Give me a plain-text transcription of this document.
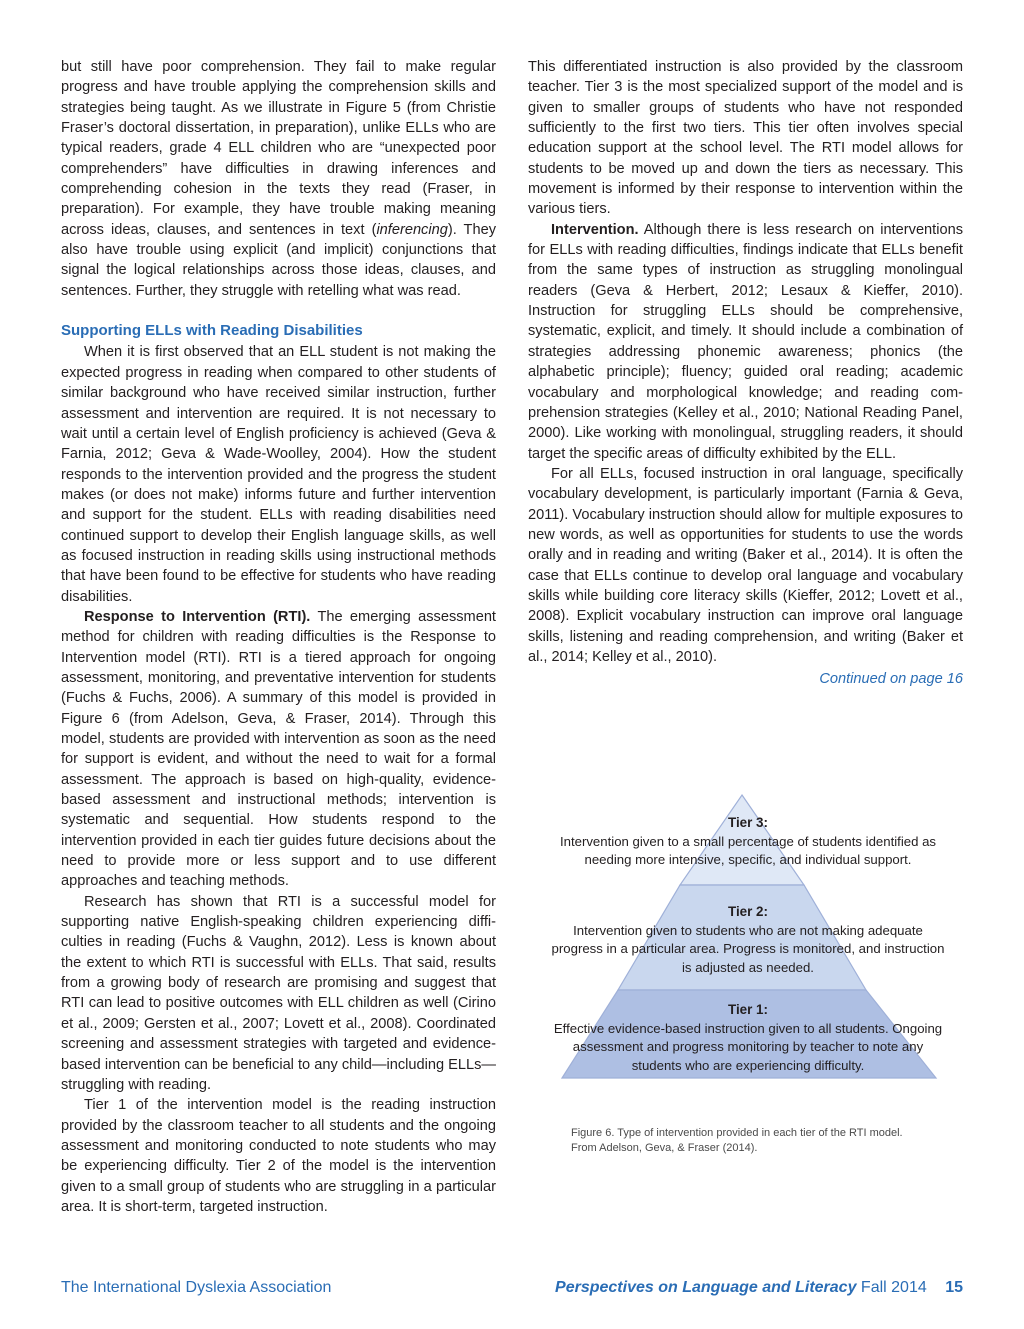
but still have poor comprehension. They fail to make regular progress and have trouble applying the comprehension skills and strategies being taught. As we illustrate in Figure 5 (from Christie Fraser’s doctoral dissertation, in preparation), unlike ELLs who are typical readers, grade 4 ELL children who are “unexpected poor comprehenders” have difficulties in drawing inferences and comprehending cohesion in the texts they read (Fraser, in preparation). For example, they have trouble making meaning across ideas, clauses, and sentences in text (inferencing). They also have trouble using explicit (and implicit) conjunctions that signal the logical relationships across those ideas, clauses, and sentences. Further, they struggle with retelling what was read.

Supporting ELLs with Reading Disabilities

When it is first observed that an ELL student is not making the expected progress in reading when compared to other students of similar background who have received similar instruction, further assessment and intervention are required. It is not necessary to wait until a certain level of English proficiency is achieved (Geva & Farnia, 2012; Geva & Wade-Woolley, 2004). How the student responds to the intervention provided and the progress the student makes (or does not make) informs future and further intervention and support for the student. ELLs with reading disabilities need continued support to develop their English language skills, as well as focused instruction in reading skills using instructional methods that have been found to be effective for students who have reading disabilities.

Response to Intervention (RTI). The emerging assessment method for children with reading difficulties is the Response to Intervention model (RTI). RTI is a tiered approach for ongoing assessment, monitoring, and preventative intervention for students (Fuchs & Fuchs, 2006). A summary of this model is provided in Figure 6 (from Adelson, Geva, & Fraser, 2014). Through this model, students are provided with intervention as soon as the need for support is evident, and without the need to wait for a formal assessment. The approach is based on high-quality, evidence-based assessment and instructional methods; intervention is systematic and sequential. How students respond to the intervention provided in each tier guides future decisions about the need to provide more or less support and to use different approaches and teaching methods.

Research has shown that RTI is a successful model for supporting native English-speaking children experiencing difficulties in reading (Fuchs & Vaughn, 2012). Less is known about the extent to which RTI is successful with ELLs. That said, results from a growing body of research are promising and suggest that RTI can lead to positive outcomes with ELL children as well (Cirino et al., 2009; Gersten et al., 2007; Lovett et al., 2008). Coordinated screening and assessment strategies with targeted and evidence-based intervention can be beneficial to any child—including ELLs—struggling with reading.

Tier 1 of the intervention model is the reading instruction provided by the classroom teacher to all students and the ongoing assessment and monitoring conducted to note students who may be experiencing difficulty. Tier 2 of the model is the intervention given to a small group of students who are struggling in a particular area. It is short-term, targeted instruction.

This differentiated instruction is also provided by the classroom teacher. Tier 3 is the most specialized support of the model and is given to smaller groups of students who have not responded sufficiently to the first two tiers. This tier often involves special education support at the school level. The RTI model allows for students to be moved up and down the tiers as necessary. This movement is informed by their response to intervention within the various tiers.

Intervention. Although there is less research on interventions for ELLs with reading difficulties, findings indicate that ELLs benefit from the same types of instruction as struggling monolingual readers (Geva & Herbert, 2012; Lesaux & Kieffer, 2010). Instruction for struggling ELLs should be comprehensive, systematic, explicit, and timely. It should include a combination of strategies addressing phonemic awareness; phonics (the alphabetic principle); fluency; guided oral reading; academic vocabulary and morphological knowledge; and reading comprehension strategies (Kelley et al., 2010; National Reading Panel, 2000). Like working with monolingual, struggling readers, it should target the specific areas of difficulty exhibited by the ELL.

For all ELLs, focused instruction in oral language, specifically vocabulary development, is particularly important (Farnia & Geva, 2011). Vocabulary instruction should allow for multiple exposures to new words, as well as opportunities for students to use the words orally and in reading and writing (Baker et al., 2014). It is often the case that ELLs continue to develop oral language and vocabulary skills while building core literacy skills (Kieffer, 2012; Lovett et al., 2008). Explicit vocabulary instruction can improve oral language skills, listening and reading comprehension, and writing (Baker et al., 2014; Kelley et al., 2010).

Continued on page 16

Tier 3:
Intervention given to a small percentage of students identified as needing more intensive, specific, and individual support.
Tier 2:
Intervention given to students who are not making adequate progress in a particular area. Progress is monitored, and instruction is adjusted as needed.
Tier 1:
Effective evidence-based instruction given to all students. Ongoing assessment and progress monitoring by teacher to note any students who are experiencing difficulty.

Figure 6. Type of intervention provided in each tier of the RTI model.

From Adelson, Geva, & Fraser (2014).

The International Dyslexia Association	Perspectives on Language and Literacy Fall 2014 15
